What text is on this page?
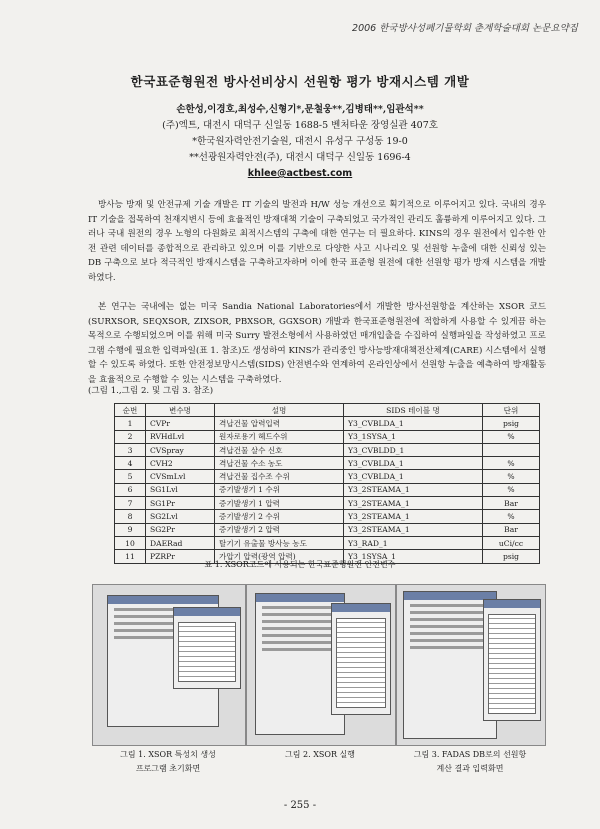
2006 한국방사성폐기물학회 춘계학술대회 논문요약집
한국표준형원전 방사선비상시 선원항 평가 방재시스템 개발
손한성,이경호,최성수,신형기*,문철웅**,김병태**,임관석**
(주)엑트, 대전시 대덕구 신일동 1688-5 벤처타운 장영실관 407호
*한국원자력안전기술원, 대전시 유성구 구성동 19-0
**선광원자력안전(주), 대전시 대덕구 신일동 1696-4
khlee@actbest.com
방사능 방재 및 안전규제 기술 개발은 IT 기술의 발전과 H/W 성능 개선으로 획기적으로 이루어지고 있다. 국내의 경우 IT 기술을 접목하여 천재지변시 등에 효율적인 방재대책 기술이 구축되었고 국가적인 관리도 훌륭하게 이루어지고 있다. 그러나 국내 원전의 경우 노형의 다원화로 최적시스템의 구축에 대한 연구는 더 필요하다. KINS의 경우 원전에서 입수한 안전 관련 데이터를 종합적으로 관리하고 있으며 이를 기반으로 다양한 사고 시나리오 및 선원항 누출에 대한 신뢰성 있는 DB 구축으로 보다 적극적인 방재시스템을 구축하고자하며 이에 한국 표준형 원전에 대한 선원항 평가 방재 시스템을 개발하였다.
본 연구는 국내에는 없는 미국 Sandia National Laboratories에서 개발한 방사선원항을 계산하는 XSOR 코드(SURXSOR, SEQXSOR, ZIXSOR, PBXSOR, GGXSOR) 개발과 한국표준형원전에 적합하게 사용할 수 있게끔 하는 목적으로 수행되었으며 이를 위해 미국 Surry 발전소형에서 사용하였던 매개입출을 수집하여 실행파일을 작성하였고 프로그램 수행에 필요한 입력파일(표 1. 참조)도 생성하여 KINS가 관리중인 방사능방재대책전산체계(CARE) 시스템에서 실행할 수 있도록 하였다. 또한 안전정보망시스템(SIDS) 안전변수와 연계하여 온라인상에서 선원항 누출을 예측하여 방재활동을 효율적으로 수행할 수 있는 시스템을 구축하였다.
(그림 1.,그림 2. 및 그림 3. 참조)
순번	변수명	설명	SIDS 테이블 명	단위
1	CVPr	격납건물 압력입력	Y3_CVBLDA_1	psig
2	RVHdLvl	원자로용기 헤드수위	Y3_1SYSA_1	%
3	CVSpray	격납건물 살수 신호	Y3_CVBLDD_1	
4	CVH2	격납건물 수소 농도	Y3_CVBLDA_1	%
5	CVSmLvl	격납건물 집수조 수위	Y3_CVBLDA_1	%
6	SG1Lvl	증기발생기 1 수위	Y3_2STEAMA_1	%
7	SG1Pr	증기발생기 1 압력	Y3_2STEAMA_1	Bar
8	SG2Lvl	증기발생기 2 수위	Y3_2STEAMA_1	%
9	SG2Pr	증기발생기 2 압력	Y3_2STEAMA_1	Bar
10	DAERad	탈기기 유출물 방사능 농도	Y3_RAD_1	uCi/cc
11	PZRPr	가압기 압력(광역 압력)	Y3_1SYSA_1	psig
표 1. XSOR코드에 사용되는 한국표준형원전 안전변수
그림 1. XSOR 특성치 생성
프로그램 초기화면
그림 2. XSOR 실행	그림 3. FADAS DB로의 선원항
계산 결과 입력화면
- 255 -
